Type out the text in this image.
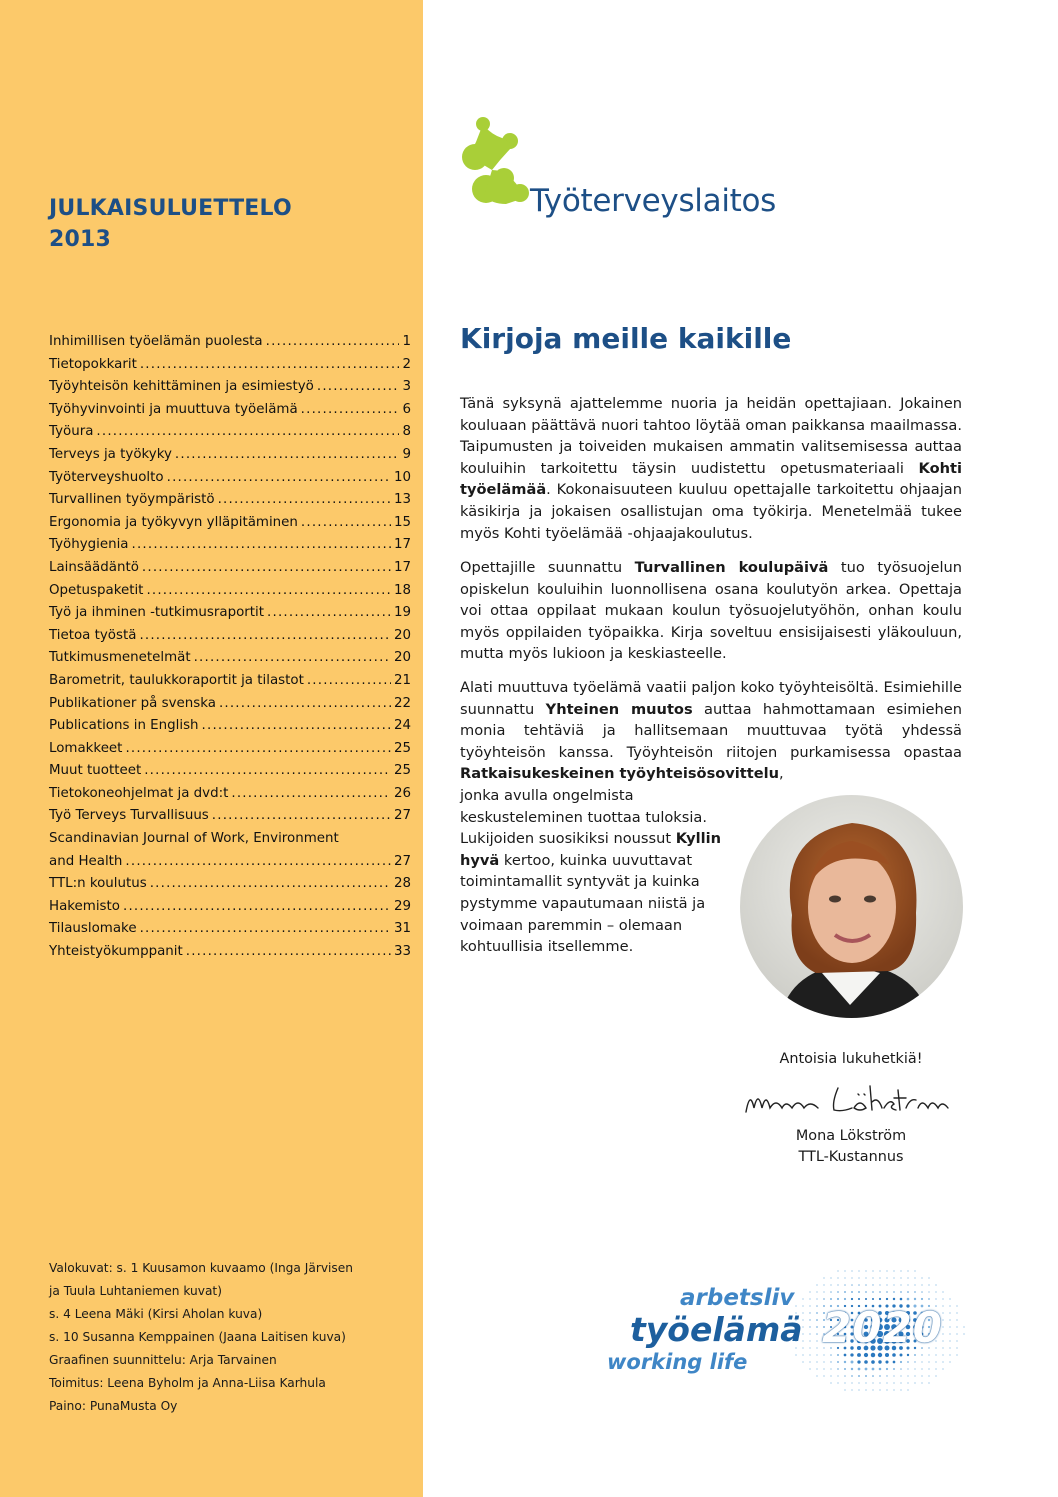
JULKAISULUETTELO
2013
Inhimillisen työelämän puolesta .....	1
Tietopokkarit .....	2
Työyhteisön kehittäminen ja esimiestyö .....	3
Työhyvinvointi ja muuttuva työelämä .....	6
Työura .....	8
Terveys ja työkyky .....	9
Työterveyshuolto .....	10
Turvallinen työympäristö .....	13
Ergonomia ja työkyvyn ylläpitäminen .....	15
Työhygienia .....	17
Lainsäädäntö .....	17
Opetuspaketit .....	18
Työ ja ihminen -tutkimusraportit .....	19
Tietoa työstä .....	20
Tutkimusmenetelmät .....	20
Barometrit, taulukkoraportit ja tilastot .....	21
Publikationer på svenska .....	22
Publications in English .....	24
Lomakkeet .....	25
Muut tuotteet .....	25
Tietokoneohjelmat ja dvd:t .....	26
Työ Terveys Turvallisuus .....	27
Scandinavian Journal of Work, Environment
and Health .....	27
TTL:n koulutus .....	28
Hakemisto .....	29
Tilauslomake .....	31
Yhteistyökumppanit .....	33
Valokuvat: s. 1 Kuusamon kuvaamo (Inga Järvisen
ja Tuula Luhtaniemen kuvat)
s. 4 Leena Mäki (Kirsi Aholan kuva)
s. 10 Susanna Kemppainen (Jaana Laitisen kuva)
Graafinen suunnittelu: Arja Tarvainen
Toimitus: Leena Byholm ja Anna-Liisa Karhula
Paino: PunaMusta Oy
Työterveyslaitos
Kirjoja meille kaikille
Tänä syksynä ajattelemme nuoria ja heidän opettajiaan. Jokainen kouluaan päättävä nuori tahtoo löytää oman paikkansa maailmassa. Taipumusten ja toiveiden mukaisen ammatin valitsemisessa auttaa kouluihin tarkoitettu täysin uudistettu opetusmateriaali Kohti työelämää. Kokonaisuuteen kuuluu opettajalle tarkoitettu ohjaajan käsikirja ja jokaisen osallistujan oma työkirja. Menetelmää tukee myös Kohti työelämää -ohjaajakoulutus.
Opettajille suunnattu Turvallinen koulupäivä tuo työsuojelun opiskelun kouluihin luonnollisena osana koulutyön arkea. Opettaja voi ottaa oppilaat mukaan koulun työsuojelutyöhön, onhan koulu myös oppilaiden työpaikka. Kirja soveltuu ensisijaisesti yläkouluun, mutta myös lukioon ja keskiasteelle.
Alati muuttuva työelämä vaatii paljon koko työyhteisöltä. Esimiehille suunnattu Yhteinen muutos auttaa hahmottamaan esimiehen monia tehtäviä ja hallitsemaan muuttuvaa työtä yhdessä työyhteisön kanssa. Työyhteisön riitojen purkamisessa opastaa Ratkaisukeskeinen työyhteisösovittelu,
jonka avulla ongelmista keskusteleminen tuottaa tuloksia. Lukijoiden suosikiksi noussut Kyllin hyvä kertoo, kuinka uuvuttavat toimintamallit syntyvät ja kuinka pystymme vapautumaan niistä ja voimaan paremmin – olemaan kohtuullisia itsellemme.
Antoisia lukuhetkiä!
Mona Lökström
TTL-Kustannus
arbetsliv
työelämä
working life
2020
